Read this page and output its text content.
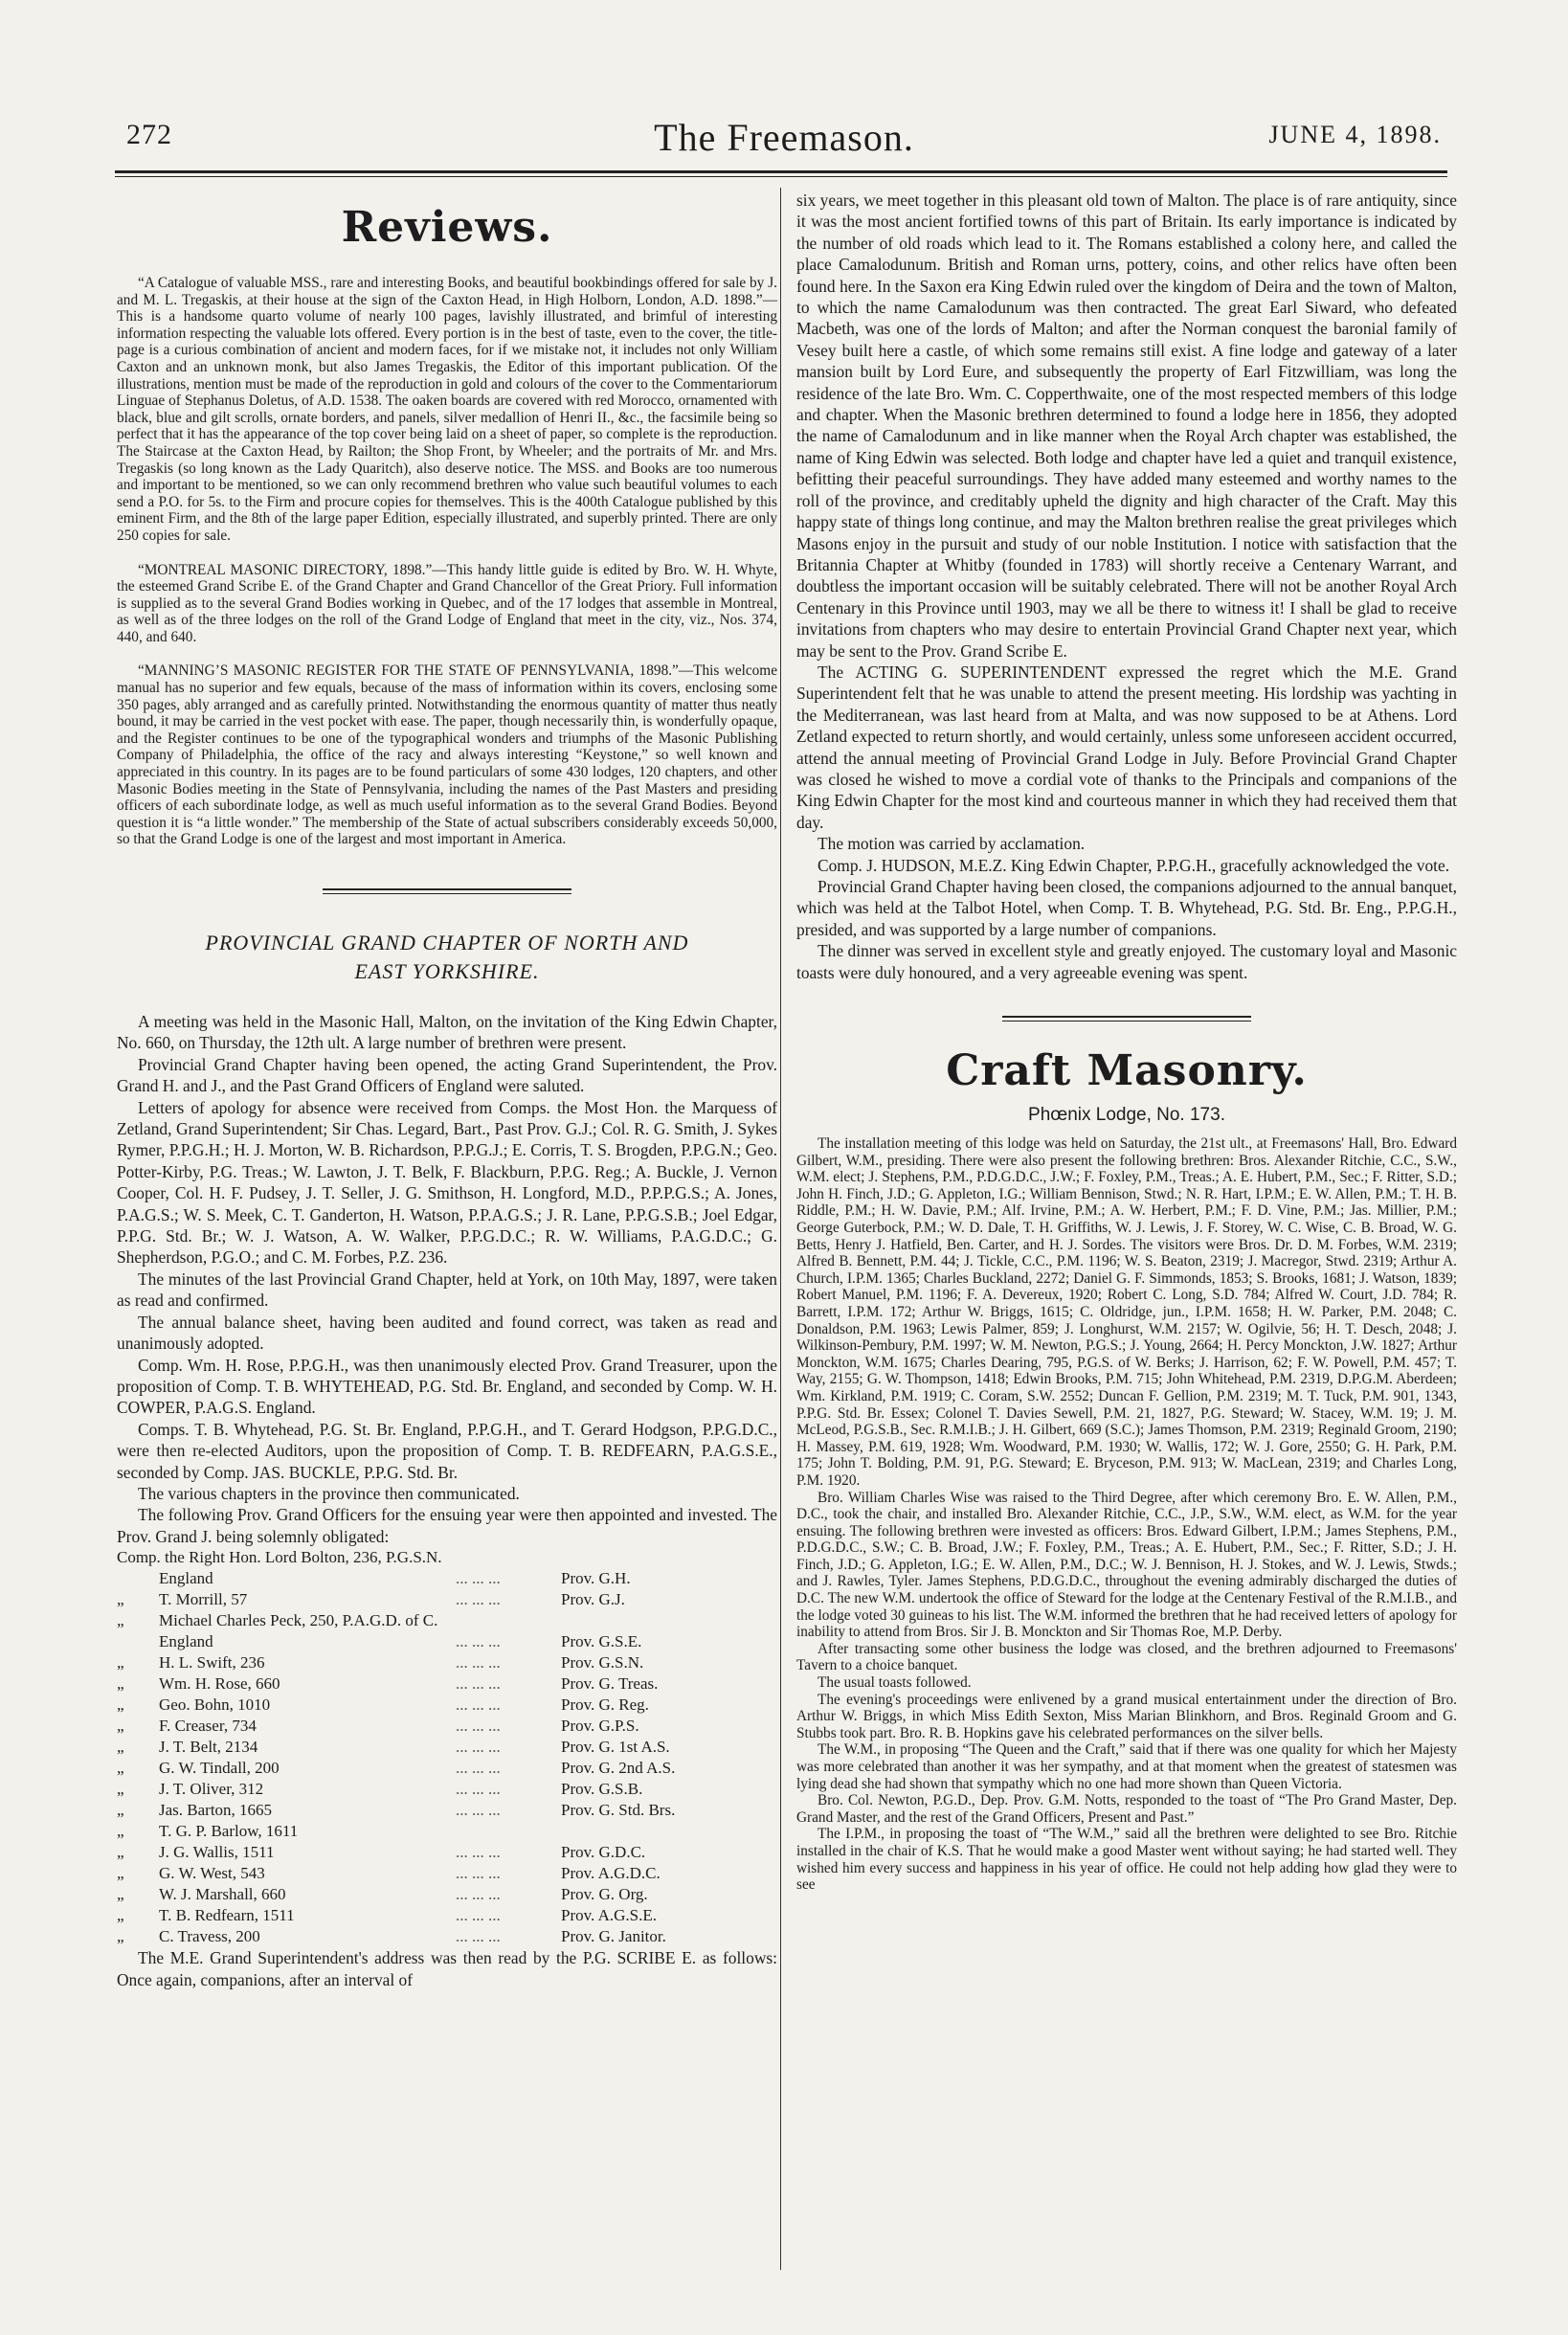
272	The Freemason.	JUNE 4, 1898.
Reviews.

“A Catalogue of valuable MSS., rare and interesting Books, and beautiful bookbindings offered for sale by J. and M. L. Tregaskis, at their house at the sign of the Caxton Head, in High Holborn, London, A.D. 1898.”—This is a handsome quarto volume of nearly 100 pages, lavishly illustrated, and brimful of interesting information respecting the valuable lots offered. Every portion is in the best of taste, even to the cover, the title-page is a curious combination of ancient and modern faces, for if we mistake not, it includes not only William Caxton and an unknown monk, but also James Tregaskis, the Editor of this important publication. Of the illustrations, mention must be made of the reproduction in gold and colours of the cover to the Commentariorum Linguae of Stephanus Doletus, of A.D. 1538. The oaken boards are covered with red Morocco, ornamented with black, blue and gilt scrolls, ornate borders, and panels, silver medallion of Henri II., &c., the facsimile being so perfect that it has the appearance of the top cover being laid on a sheet of paper, so complete is the reproduction. The Staircase at the Caxton Head, by Railton; the Shop Front, by Wheeler; and the portraits of Mr. and Mrs. Tregaskis (so long known as the Lady Quaritch), also deserve notice. The MSS. and Books are too numerous and important to be mentioned, so we can only recommend brethren who value such beautiful volumes to each send a P.O. for 5s. to the Firm and procure copies for themselves. This is the 400th Catalogue published by this eminent Firm, and the 8th of the large paper Edition, especially illustrated, and superbly printed. There are only 250 copies for sale.

“MONTREAL MASONIC DIRECTORY, 1898.”—This handy little guide is edited by Bro. W. H. Whyte, the esteemed Grand Scribe E. of the Grand Chapter and Grand Chancellor of the Great Priory. Full information is supplied as to the several Grand Bodies working in Quebec, and of the 17 lodges that assemble in Montreal, as well as of the three lodges on the roll of the Grand Lodge of England that meet in the city, viz., Nos. 374, 440, and 640.

“MANNING’S MASONIC REGISTER FOR THE STATE OF PENNSYLVANIA, 1898.”—This welcome manual has no superior and few equals, because of the mass of information within its covers, enclosing some 350 pages, ably arranged and as carefully printed. Notwithstanding the enormous quantity of matter thus neatly bound, it may be carried in the vest pocket with ease. The paper, though necessarily thin, is wonderfully opaque, and the Register continues to be one of the typographical wonders and triumphs of the Masonic Publishing Company of Philadelphia, the office of the racy and always interesting “Keystone,” so well known and appreciated in this country. In its pages are to be found particulars of some 430 lodges, 120 chapters, and other Masonic Bodies meeting in the State of Pennsylvania, including the names of the Past Masters and presiding officers of each subordinate lodge, as well as much useful information as to the several Grand Bodies. Beyond question it is “a little wonder.” The membership of the State of actual subscribers considerably exceeds 50,000, so that the Grand Lodge is one of the largest and most important in America.

PROVINCIAL GRAND CHAPTER OF NORTH AND
EAST YORKSHIRE.

A meeting was held in the Masonic Hall, Malton, on the invitation of the King Edwin Chapter, No. 660, on Thursday, the 12th ult. A large number of brethren were present.

Provincial Grand Chapter having been opened, the acting Grand Superintendent, the Prov. Grand H. and J., and the Past Grand Officers of England were saluted.

Letters of apology for absence were received from Comps. the Most Hon. the Marquess of Zetland, Grand Superintendent; Sir Chas. Legard, Bart., Past Prov. G.J.; Col. R. G. Smith, J. Sykes Rymer, P.P.G.H.; H. J. Morton, W. B. Richardson, P.P.G.J.; E. Corris, T. S. Brogden, P.P.G.N.; Geo. Potter-Kirby, P.G. Treas.; W. Lawton, J. T. Belk, F. Blackburn, P.P.G. Reg.; A. Buckle, J. Vernon Cooper, Col. H. F. Pudsey, J. T. Seller, J. G. Smithson, H. Longford, M.D., P.P.P.G.S.; A. Jones, P.A.G.S.; W. S. Meek, C. T. Ganderton, H. Watson, P.P.A.G.S.; J. R. Lane, P.P.G.S.B.; Joel Edgar, P.P.G. Std. Br.; W. J. Watson, A. W. Walker, P.P.G.D.C.; R. W. Williams, P.A.G.D.C.; G. Shepherdson, P.G.O.; and C. M. Forbes, P.Z. 236.

The minutes of the last Provincial Grand Chapter, held at York, on 10th May, 1897, were taken as read and confirmed.

The annual balance sheet, having been audited and found correct, was taken as read and unanimously adopted.

Comp. Wm. H. Rose, P.P.G.H., was then unanimously elected Prov. Grand Treasurer, upon the proposition of Comp. T. B. WHYTEHEAD, P.G. Std. Br. England, and seconded by Comp. W. H. COWPER, P.A.G.S. England.

Comps. T. B. Whytehead, P.G. St. Br. England, P.P.G.H., and T. Gerard Hodgson, P.P.G.D.C., were then re-elected Auditors, upon the proposition of Comp. T. B. REDFEARN, P.A.G.S.E., seconded by Comp. JAS. BUCKLE, P.P.G. Std. Br.

The various chapters in the province then communicated.

The following Prov. Grand Officers for the ensuing year were then appointed and invested. The Prov. Grand J. being solemnly obligated:

Comp. the Right Hon. Lord Bolton, 236, P.G.S.N.
England	... ... ...	Prov. G.H.
„	T. Morrill, 57	... ... ...	Prov. G.J.
„	Michael Charles Peck, 250, P.A.G.D. of C.
England	... ... ...	Prov. G.S.E.
„	H. L. Swift, 236	... ... ...	Prov. G.S.N.
„	Wm. H. Rose, 660	... ... ...	Prov. G. Treas.
„	Geo. Bohn, 1010	... ... ...	Prov. G. Reg.
„	F. Creaser, 734	... ... ...	Prov. G.P.S.
„	J. T. Belt, 2134	... ... ...	Prov. G. 1st A.S.
„	G. W. Tindall, 200	... ... ...	Prov. G. 2nd A.S.
„	J. T. Oliver, 312	... ... ...	Prov. G.S.B.
„	Jas. Barton, 1665	... ... ...	Prov. G. Std. Brs.
„	T. G. P. Barlow, 1611
„	J. G. Wallis, 1511	... ... ...	Prov. G.D.C.
„	G. W. West, 543	... ... ...	Prov. A.G.D.C.
„	W. J. Marshall, 660	... ... ...	Prov. G. Org.
„	T. B. Redfearn, 1511	... ... ...	Prov. A.G.S.E.
„	C. Travess, 200	... ... ...	Prov. G. Janitor.

The M.E. Grand Superintendent's address was then read by the P.G. SCRIBE E. as follows: Once again, companions, after an interval of

six years, we meet together in this pleasant old town of Malton. The place is of rare antiquity, since it was the most ancient fortified towns of this part of Britain. Its early importance is indicated by the number of old roads which lead to it. The Romans established a colony here, and called the place Camalodunum. British and Roman urns, pottery, coins, and other relics have often been found here. In the Saxon era King Edwin ruled over the kingdom of Deira and the town of Malton, to which the name Camalodunum was then contracted. The great Earl Siward, who defeated Macbeth, was one of the lords of Malton; and after the Norman conquest the baronial family of Vesey built here a castle, of which some remains still exist. A fine lodge and gateway of a later mansion built by Lord Eure, and subsequently the property of Earl Fitzwilliam, was long the residence of the late Bro. Wm. C. Copperthwaite, one of the most respected members of this lodge and chapter. When the Masonic brethren determined to found a lodge here in 1856, they adopted the name of Camalodunum and in like manner when the Royal Arch chapter was established, the name of King Edwin was selected. Both lodge and chapter have led a quiet and tranquil existence, befitting their peaceful surroundings. They have added many esteemed and worthy names to the roll of the province, and creditably upheld the dignity and high character of the Craft. May this happy state of things long continue, and may the Malton brethren realise the great privileges which Masons enjoy in the pursuit and study of our noble Institution. I notice with satisfaction that the Britannia Chapter at Whitby (founded in 1783) will shortly receive a Centenary Warrant, and doubtless the important occasion will be suitably celebrated. There will not be another Royal Arch Centenary in this Province until 1903, may we all be there to witness it! I shall be glad to receive invitations from chapters who may desire to entertain Provincial Grand Chapter next year, which may be sent to the Prov. Grand Scribe E.

The ACTING G. SUPERINTENDENT expressed the regret which the M.E. Grand Superintendent felt that he was unable to attend the present meeting. His lordship was yachting in the Mediterranean, was last heard from at Malta, and was now supposed to be at Athens. Lord Zetland expected to return shortly, and would certainly, unless some unforeseen accident occurred, attend the annual meeting of Provincial Grand Lodge in July. Before Provincial Grand Chapter was closed he wished to move a cordial vote of thanks to the Principals and companions of the King Edwin Chapter for the most kind and courteous manner in which they had received them that day.

The motion was carried by acclamation.

Comp. J. HUDSON, M.E.Z. King Edwin Chapter, P.P.G.H., gracefully acknowledged the vote.

Provincial Grand Chapter having been closed, the companions adjourned to the annual banquet, which was held at the Talbot Hotel, when Comp. T. B. Whytehead, P.G. Std. Br. Eng., P.P.G.H., presided, and was supported by a large number of companions.

The dinner was served in excellent style and greatly enjoyed. The customary loyal and Masonic toasts were duly honoured, and a very agreeable evening was spent.

Craft Masonry.
Phœnix Lodge, No. 173.

The installation meeting of this lodge was held on Saturday, the 21st ult., at Freemasons' Hall, Bro. Edward Gilbert, W.M., presiding. There were also present the following brethren: Bros. Alexander Ritchie, C.C., S.W., W.M. elect; J. Stephens, P.M., P.D.G.D.C., J.W.; F. Foxley, P.M., Treas.; A. E. Hubert, P.M., Sec.; F. Ritter, S.D.; John H. Finch, J.D.; G. Appleton, I.G.; William Bennison, Stwd.; N. R. Hart, I.P.M.; E. W. Allen, P.M.; T. H. B. Riddle, P.M.; H. W. Davie, P.M.; Alf. Irvine, P.M.; A. W. Herbert, P.M.; F. D. Vine, P.M.; Jas. Millier, P.M.; George Guterbock, P.M.; W. D. Dale, T. H. Griffiths, W. J. Lewis, J. F. Storey, W. C. Wise, C. B. Broad, W. G. Betts, Henry J. Hatfield, Ben. Carter, and H. J. Sordes. The visitors were Bros. Dr. D. M. Forbes, W.M. 2319; Alfred B. Bennett, P.M. 44; J. Tickle, C.C., P.M. 1196; W. S. Beaton, 2319; J. Macregor, Stwd. 2319; Arthur A. Church, I.P.M. 1365; Charles Buckland, 2272; Daniel G. F. Simmonds, 1853; S. Brooks, 1681; J. Watson, 1839; Robert Manuel, P.M. 1196; F. A. Devereux, 1920; Robert C. Long, S.D. 784; Alfred W. Court, J.D. 784; R. Barrett, I.P.M. 172; Arthur W. Briggs, 1615; C. Oldridge, jun., I.P.M. 1658; H. W. Parker, P.M. 2048; C. Donaldson, P.M. 1963; Lewis Palmer, 859; J. Longhurst, W.M. 2157; W. Ogilvie, 56; H. T. Desch, 2048; J. Wilkinson-Pembury, P.M. 1997; W. M. Newton, P.G.S.; J. Young, 2664; H. Percy Monckton, J.W. 1827; Arthur Monckton, W.M. 1675; Charles Dearing, 795, P.G.S. of W. Berks; J. Harrison, 62; F. W. Powell, P.M. 457; T. Way, 2155; G. W. Thompson, 1418; Edwin Brooks, P.M. 715; John Whitehead, P.M. 2319, D.P.G.M. Aberdeen; Wm. Kirkland, P.M. 1919; C. Coram, S.W. 2552; Duncan F. Gellion, P.M. 2319; M. T. Tuck, P.M. 901, 1343, P.P.G. Std. Br. Essex; Colonel T. Davies Sewell, P.M. 21, 1827, P.G. Steward; W. Stacey, W.M. 19; J. M. McLeod, P.G.S.B., Sec. R.M.I.B.; J. H. Gilbert, 669 (S.C.); James Thomson, P.M. 2319; Reginald Groom, 2190; H. Massey, P.M. 619, 1928; Wm. Woodward, P.M. 1930; W. Wallis, 172; W. J. Gore, 2550; G. H. Park, P.M. 175; John T. Bolding, P.M. 91, P.G. Steward; E. Bryceson, P.M. 913; W. MacLean, 2319; and Charles Long, P.M. 1920.

Bro. William Charles Wise was raised to the Third Degree, after which ceremony Bro. E. W. Allen, P.M., D.C., took the chair, and installed Bro. Alexander Ritchie, C.C., J.P., S.W., W.M. elect, as W.M. for the year ensuing. The following brethren were invested as officers: Bros. Edward Gilbert, I.P.M.; James Stephens, P.M., P.D.G.D.C., S.W.; C. B. Broad, J.W.; F. Foxley, P.M., Treas.; A. E. Hubert, P.M., Sec.; F. Ritter, S.D.; J. H. Finch, J.D.; G. Appleton, I.G.; E. W. Allen, P.M., D.C.; W. J. Bennison, H. J. Stokes, and W. J. Lewis, Stwds.; and J. Rawles, Tyler. James Stephens, P.D.G.D.C., throughout the evening admirably discharged the duties of D.C. The new W.M. undertook the office of Steward for the lodge at the Centenary Festival of the R.M.I.B., and the lodge voted 30 guineas to his list. The W.M. informed the brethren that he had received letters of apology for inability to attend from Bros. Sir J. B. Monckton and Sir Thomas Roe, M.P. Derby.

After transacting some other business the lodge was closed, and the brethren adjourned to Freemasons' Tavern to a choice banquet.

The usual toasts followed.

The evening's proceedings were enlivened by a grand musical entertainment under the direction of Bro. Arthur W. Briggs, in which Miss Edith Sexton, Miss Marian Blinkhorn, and Bros. Reginald Groom and G. Stubbs took part. Bro. R. B. Hopkins gave his celebrated performances on the silver bells.

The W.M., in proposing “The Queen and the Craft,” said that if there was one quality for which her Majesty was more celebrated than another it was her sympathy, and at that moment when the greatest of statesmen was lying dead she had shown that sympathy which no one had more shown than Queen Victoria.

Bro. Col. Newton, P.G.D., Dep. Prov. G.M. Notts, responded to the toast of “The Pro Grand Master, Dep. Grand Master, and the rest of the Grand Officers, Present and Past.”

The I.P.M., in proposing the toast of “The W.M.,” said all the brethren were delighted to see Bro. Ritchie installed in the chair of K.S. That he would make a good Master went without saying; he had started well. They wished him every success and happiness in his year of office. He could not help adding how glad they were to see
